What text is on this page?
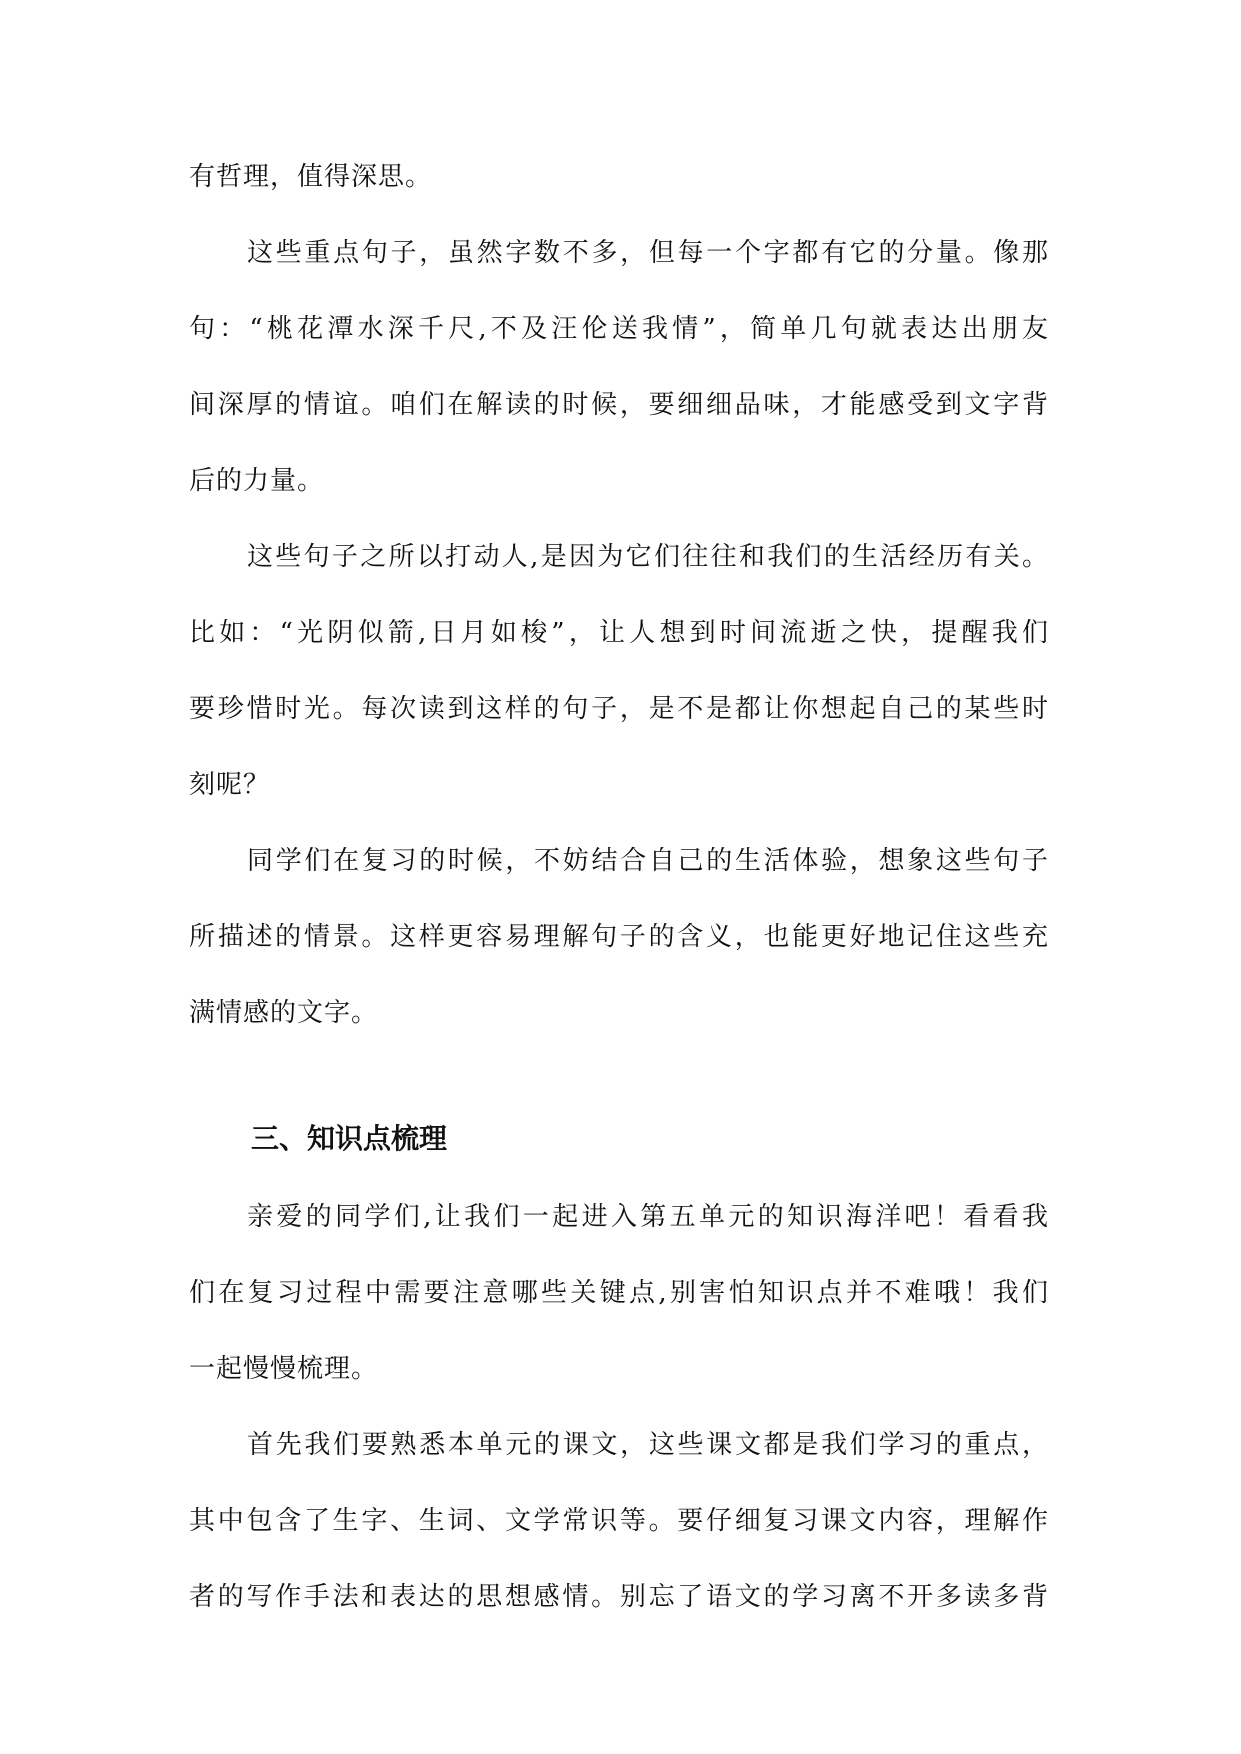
有哲理，值得深思。
这些重点句子，虽然字数不多，但每一个字都有它的分量。像那
句：“桃花潭水深千尺,不及汪伦送我情”，简单几句就表达出朋友
间深厚的情谊。咱们在解读的时候，要细细品味，才能感受到文字背
后的力量。
这些句子之所以打动人,是因为它们往往和我们的生活经历有关。
比如：“光阴似箭,日月如梭”，让人想到时间流逝之快，提醒我们
要珍惜时光。每次读到这样的句子，是不是都让你想起自己的某些时
刻呢？
同学们在复习的时候，不妨结合自己的生活体验，想象这些句子
所描述的情景。这样更容易理解句子的含义，也能更好地记住这些充
满情感的文字。
三、知识点梳理
亲爱的同学们,让我们一起进入第五单元的知识海洋吧！看看我
们在复习过程中需要注意哪些关键点,别害怕知识点并不难哦！我们
一起慢慢梳理。
首先我们要熟悉本单元的课文，这些课文都是我们学习的重点，
其中包含了生字、生词、文学常识等。要仔细复习课文内容，理解作
者的写作手法和表达的思想感情。别忘了语文的学习离不开多读多背
